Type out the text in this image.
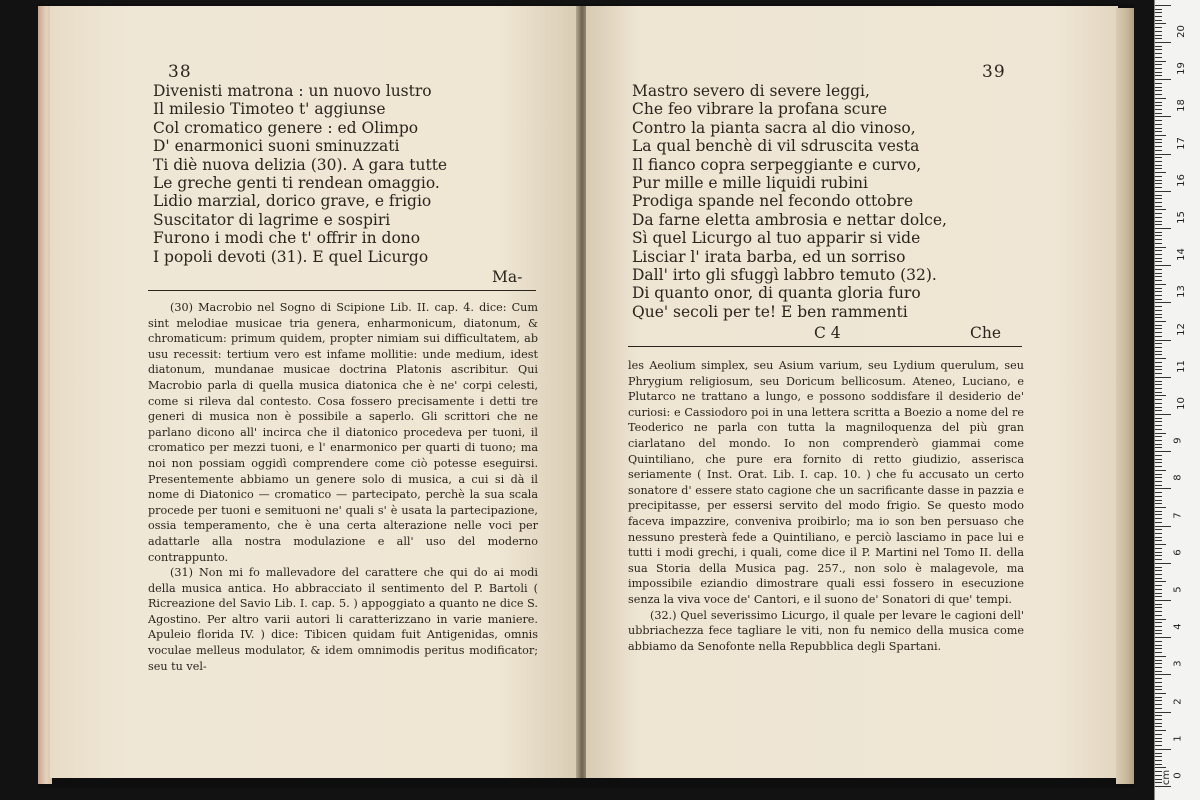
38
Divenisti matrona : un nuovo lustro
Il milesio Timoteo t' aggiunse
Col cromatico genere : ed Olimpo
D' enarmonici suoni sminuzzati
Ti diè nuova delizia (30). A gara tutte
Le greche genti ti rendean omaggio.
Lidio marzial, dorico grave, e frigio
Suscitator di lagrime e sospiri
Furono i modi che t' offrir in dono
I popoli devoti (31). E quel Licurgo
Ma-

(30) Macrobio nel Sogno di Scipione Lib. II. cap. 4. dice: Cum sint melodiae musicae tria genera, enharmonicum, diatonum, & chromaticum: primum quidem, propter nimiam sui difficultatem, ab usu recessit: tertium vero est infame mollitie: unde medium, idest diatonum, mundanae musicae doctrina Platonis ascribitur. Qui Macrobio parla di quella musica diatonica che è ne' corpi celesti, come si rileva dal contesto. Cosa fossero precisamente i detti tre generi di musica non è possibile a saperlo. Gli scrittori che ne parlano dicono all' incirca che il diatonico procedeva per tuoni, il cromatico per mezzi tuoni, e l' enarmonico per quarti di tuono; ma noi non possiam oggidì comprendere come ciò potesse eseguirsi. Presentemente abbiamo un genere solo di musica, a cui si dà il nome di Diatonico — cromatico — partecipato, perchè la sua scala procede per tuoni e semituoni ne' quali s' è usata la partecipazione, ossia temperamento, che è una certa alterazione nelle voci per adattarle alla nostra modulazione e all' uso del moderno contrappunto.

(31) Non mi fo mallevadore del carattere che qui do ai modi della musica antica. Ho abbracciato il sentimento del P. Bartoli ( Ricreazione del Savio Lib. I. cap. 5. ) appoggiato a quanto ne dice S. Agostino. Per altro varii autori li caratterizzano in varie maniere. Apuleio florida IV. ) dice: Tibicen quidam fuit Antigenidas, omnis voculae melleus modulator, & idem omnimodis peritus modificator; seu tu vel-

39
Mastro severo di severe leggi,
Che feo vibrare la profana scure
Contro la pianta sacra al dio vinoso,
La qual benchè di vil sdruscita vesta
Il fianco copra serpeggiante e curvo,
Pur mille e mille liquidi rubini
Prodiga spande nel fecondo ottobre
Da farne eletta ambrosia e nettar dolce,
Sì quel Licurgo al tuo apparir si vide
Lisciar l' irata barba, ed un sorriso
Dall' irto gli sfuggì labbro temuto (32).
Di quanto onor, di quanta gloria furo
Que' secoli per te! E ben rammenti
C 4	Che

les Aeolium simplex, seu Asium varium, seu Lydium querulum, seu Phrygium religiosum, seu Doricum bellicosum. Ateneo, Luciano, e Plutarco ne trattano a lungo, e possono soddisfare il desiderio de' curiosi: e Cassiodoro poi in una lettera scritta a Boezio a nome del re Teoderico ne parla con tutta la magniloquenza del più gran ciarlatano del mondo. Io non comprenderò giammai come Quintiliano, che pure era fornito di retto giudizio, asserisca seriamente ( Inst. Orat. Lib. I. cap. 10. ) che fu accusato un certo sonatore d' essere stato cagione che un sacrificante dasse in pazzia e precipitasse, per essersi servito del modo frigio. Se questo modo faceva impazzire, conveniva proibirlo; ma io son ben persuaso che nessuno presterà fede a Quintiliano, e perciò lasciamo in pace lui e tutti i modi grechi, i quali, come dice il P. Martini nel Tomo II. della sua Storia della Musica pag. 257., non solo è malagevole, ma impossibile eziandio dimostrare quali essi fossero in esecuzione senza la viva voce de' Cantori, e il suono de' Sonatori di que' tempi.

(32.) Quel severissimo Licurgo, il quale per levare le cagioni dell' ubbriachezza fece tagliare le viti, non fu nemico della musica come abbiamo da Senofonte nella Repubblica degli Spartani.

0
1
2
3
4
5
6
7
8
9
10
11
12
13
14
15
16
17
18
19
20
cm
